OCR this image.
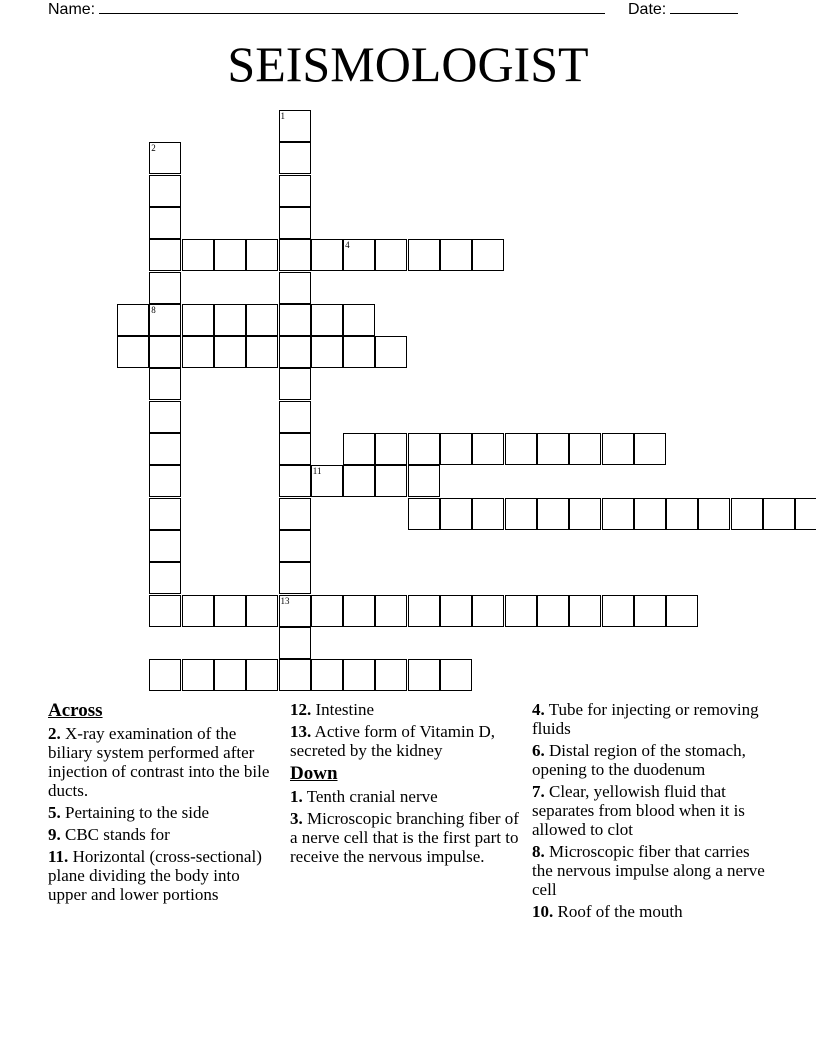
Name:	Date:
SEISMOLOGIST
1
13
2
8
4
11
Across
2. X-ray examination of the biliary system performed after injection of contrast into the bile ducts.
5. Pertaining to the side
9. CBC stands for
11. Horizontal (cross-sectional) plane dividing the body into upper and lower portions
12. Intestine
13. Active form of Vitamin D, secreted by the kidney
Down
1. Tenth cranial nerve
3. Microscopic branching fiber of a nerve cell that is the first part to receive the nervous impulse.
4. Tube for injecting or removing fluids
6. Distal region of the stomach, opening to the duodenum
7. Clear, yellowish fluid that separates from blood when it is allowed to clot
8. Microscopic fiber that carries the nervous impulse along a nerve cell
10. Roof of the mouth
